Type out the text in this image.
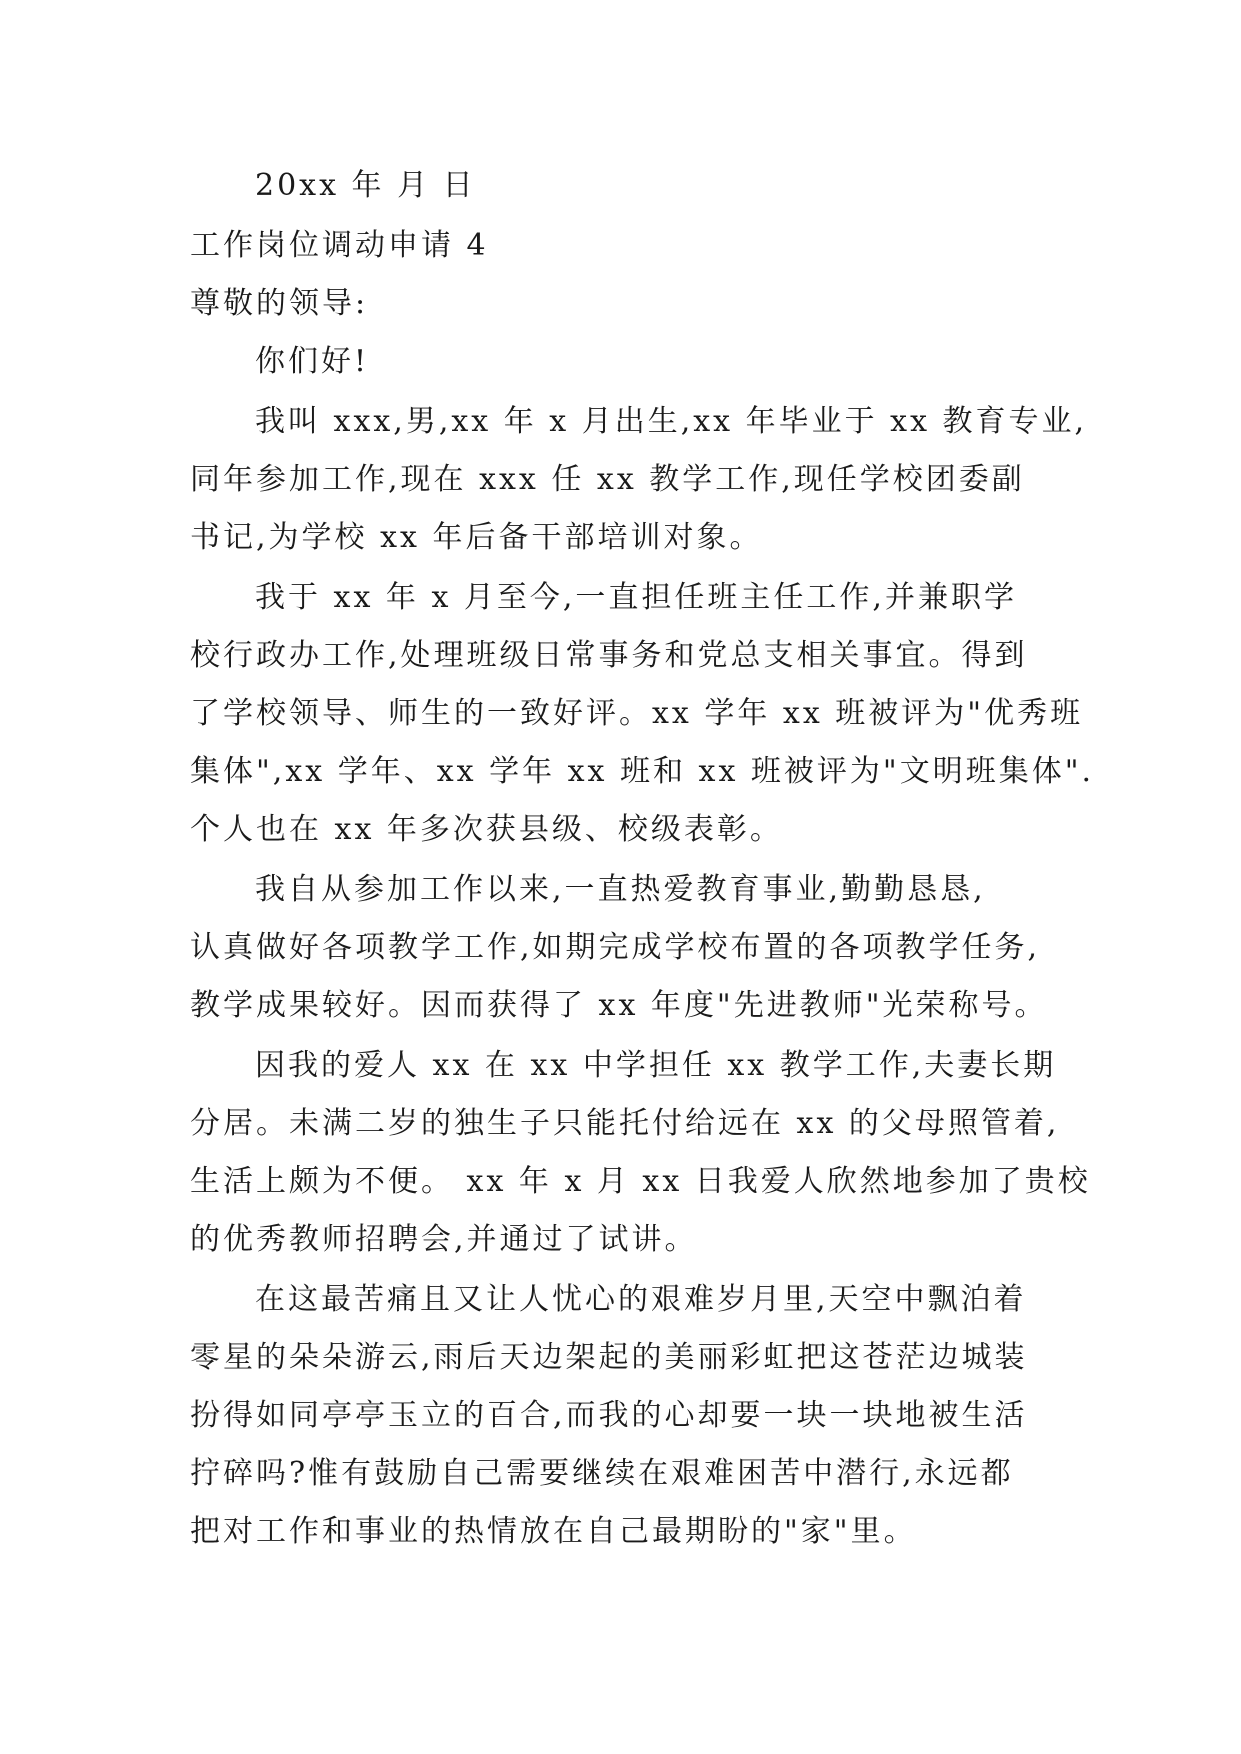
20xx 年 月 日
工作岗位调动申请 4
尊敬的领导:
你们好!
我叫 xxx,男,xx 年 x 月出生,xx 年毕业于 xx 教育专业,
同年参加工作,现在 xxx 任 xx 教学工作,现任学校团委副
书记,为学校 xx 年后备干部培训对象。
我于 xx 年 x 月至今,一直担任班主任工作,并兼职学
校行政办工作,处理班级日常事务和党总支相关事宜。得到
了学校领导、师生的一致好评。xx 学年 xx 班被评为"优秀班
集体",xx 学年、xx 学年 xx 班和 xx 班被评为"文明班集体".
个人也在 xx 年多次获县级、校级表彰。
我自从参加工作以来,一直热爱教育事业,勤勤恳恳,
认真做好各项教学工作,如期完成学校布置的各项教学任务,
教学成果较好。因而获得了 xx 年度"先进教师"光荣称号。
因我的爱人 xx 在 xx 中学担任 xx 教学工作,夫妻长期
分居。未满二岁的独生子只能托付给远在 xx 的父母照管着,
生活上颇为不便。 xx 年 x 月 xx 日我爱人欣然地参加了贵校
的优秀教师招聘会,并通过了试讲。
在这最苦痛且又让人忧心的艰难岁月里,天空中飘泊着
零星的朵朵游云,雨后天边架起的美丽彩虹把这苍茫边城装
扮得如同亭亭玉立的百合,而我的心却要一块一块地被生活
拧碎吗?惟有鼓励自己需要继续在艰难困苦中潜行,永远都
把对工作和事业的热情放在自己最期盼的"家"里。
